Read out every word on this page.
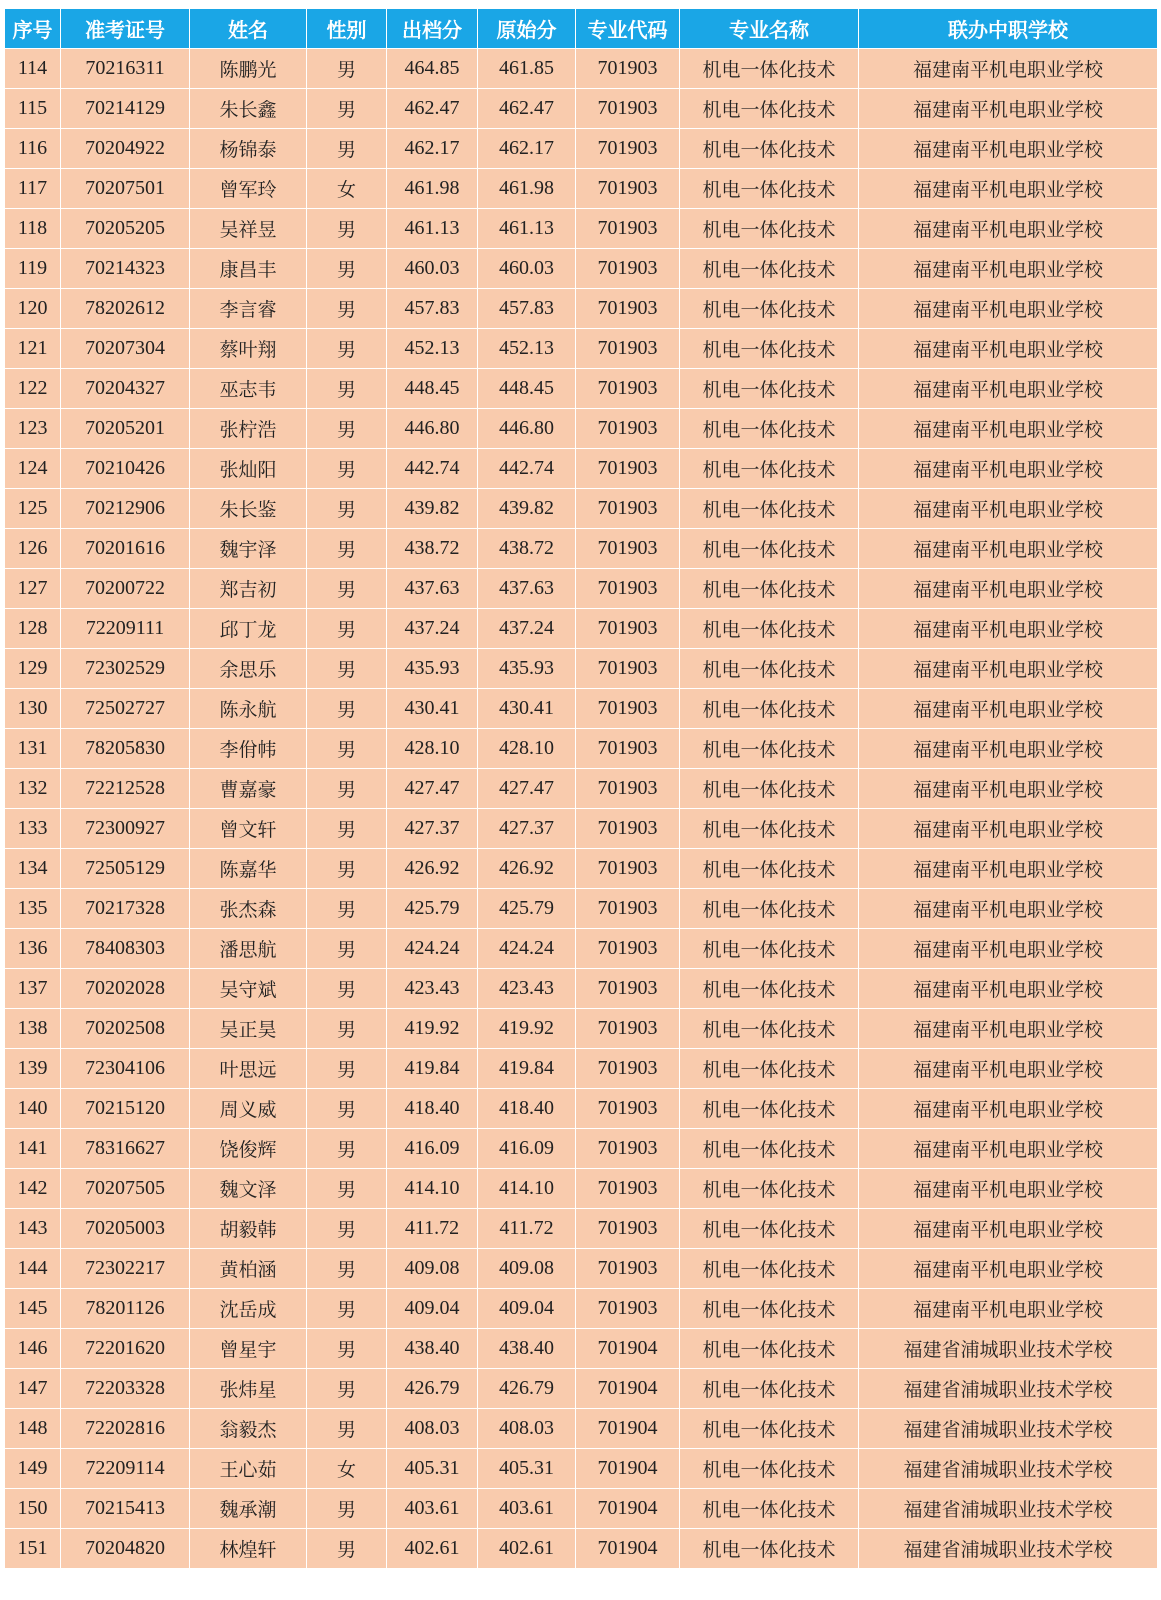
序号	准考证号	姓名	性别	出档分	原始分	专业代码	专业名称	联办中职学校
114	70216311	陈鹏光	男	464.85	461.85	701903	机电一体化技术	福建南平机电职业学校
115	70214129	朱长鑫	男	462.47	462.47	701903	机电一体化技术	福建南平机电职业学校
116	70204922	杨锦泰	男	462.17	462.17	701903	机电一体化技术	福建南平机电职业学校
117	70207501	曾军玲	女	461.98	461.98	701903	机电一体化技术	福建南平机电职业学校
118	70205205	吴祥昱	男	461.13	461.13	701903	机电一体化技术	福建南平机电职业学校
119	70214323	康昌丰	男	460.03	460.03	701903	机电一体化技术	福建南平机电职业学校
120	78202612	李言睿	男	457.83	457.83	701903	机电一体化技术	福建南平机电职业学校
121	70207304	蔡叶翔	男	452.13	452.13	701903	机电一体化技术	福建南平机电职业学校
122	70204327	巫志韦	男	448.45	448.45	701903	机电一体化技术	福建南平机电职业学校
123	70205201	张柠浩	男	446.80	446.80	701903	机电一体化技术	福建南平机电职业学校
124	70210426	张灿阳	男	442.74	442.74	701903	机电一体化技术	福建南平机电职业学校
125	70212906	朱长鉴	男	439.82	439.82	701903	机电一体化技术	福建南平机电职业学校
126	70201616	魏宇泽	男	438.72	438.72	701903	机电一体化技术	福建南平机电职业学校
127	70200722	郑吉初	男	437.63	437.63	701903	机电一体化技术	福建南平机电职业学校
128	72209111	邱丁龙	男	437.24	437.24	701903	机电一体化技术	福建南平机电职业学校
129	72302529	余思乐	男	435.93	435.93	701903	机电一体化技术	福建南平机电职业学校
130	72502727	陈永航	男	430.41	430.41	701903	机电一体化技术	福建南平机电职业学校
131	78205830	李佾帏	男	428.10	428.10	701903	机电一体化技术	福建南平机电职业学校
132	72212528	曹嘉豪	男	427.47	427.47	701903	机电一体化技术	福建南平机电职业学校
133	72300927	曾文轩	男	427.37	427.37	701903	机电一体化技术	福建南平机电职业学校
134	72505129	陈嘉华	男	426.92	426.92	701903	机电一体化技术	福建南平机电职业学校
135	70217328	张杰森	男	425.79	425.79	701903	机电一体化技术	福建南平机电职业学校
136	78408303	潘思航	男	424.24	424.24	701903	机电一体化技术	福建南平机电职业学校
137	70202028	吴守斌	男	423.43	423.43	701903	机电一体化技术	福建南平机电职业学校
138	70202508	吴正昊	男	419.92	419.92	701903	机电一体化技术	福建南平机电职业学校
139	72304106	叶思远	男	419.84	419.84	701903	机电一体化技术	福建南平机电职业学校
140	70215120	周义威	男	418.40	418.40	701903	机电一体化技术	福建南平机电职业学校
141	78316627	饶俊辉	男	416.09	416.09	701903	机电一体化技术	福建南平机电职业学校
142	70207505	魏文泽	男	414.10	414.10	701903	机电一体化技术	福建南平机电职业学校
143	70205003	胡毅韩	男	411.72	411.72	701903	机电一体化技术	福建南平机电职业学校
144	72302217	黄柏涵	男	409.08	409.08	701903	机电一体化技术	福建南平机电职业学校
145	78201126	沈岳成	男	409.04	409.04	701903	机电一体化技术	福建南平机电职业学校
146	72201620	曾星宇	男	438.40	438.40	701904	机电一体化技术	福建省浦城职业技术学校
147	72203328	张炜星	男	426.79	426.79	701904	机电一体化技术	福建省浦城职业技术学校
148	72202816	翁毅杰	男	408.03	408.03	701904	机电一体化技术	福建省浦城职业技术学校
149	72209114	王心茹	女	405.31	405.31	701904	机电一体化技术	福建省浦城职业技术学校
150	70215413	魏承潮	男	403.61	403.61	701904	机电一体化技术	福建省浦城职业技术学校
151	70204820	林煌轩	男	402.61	402.61	701904	机电一体化技术	福建省浦城职业技术学校
